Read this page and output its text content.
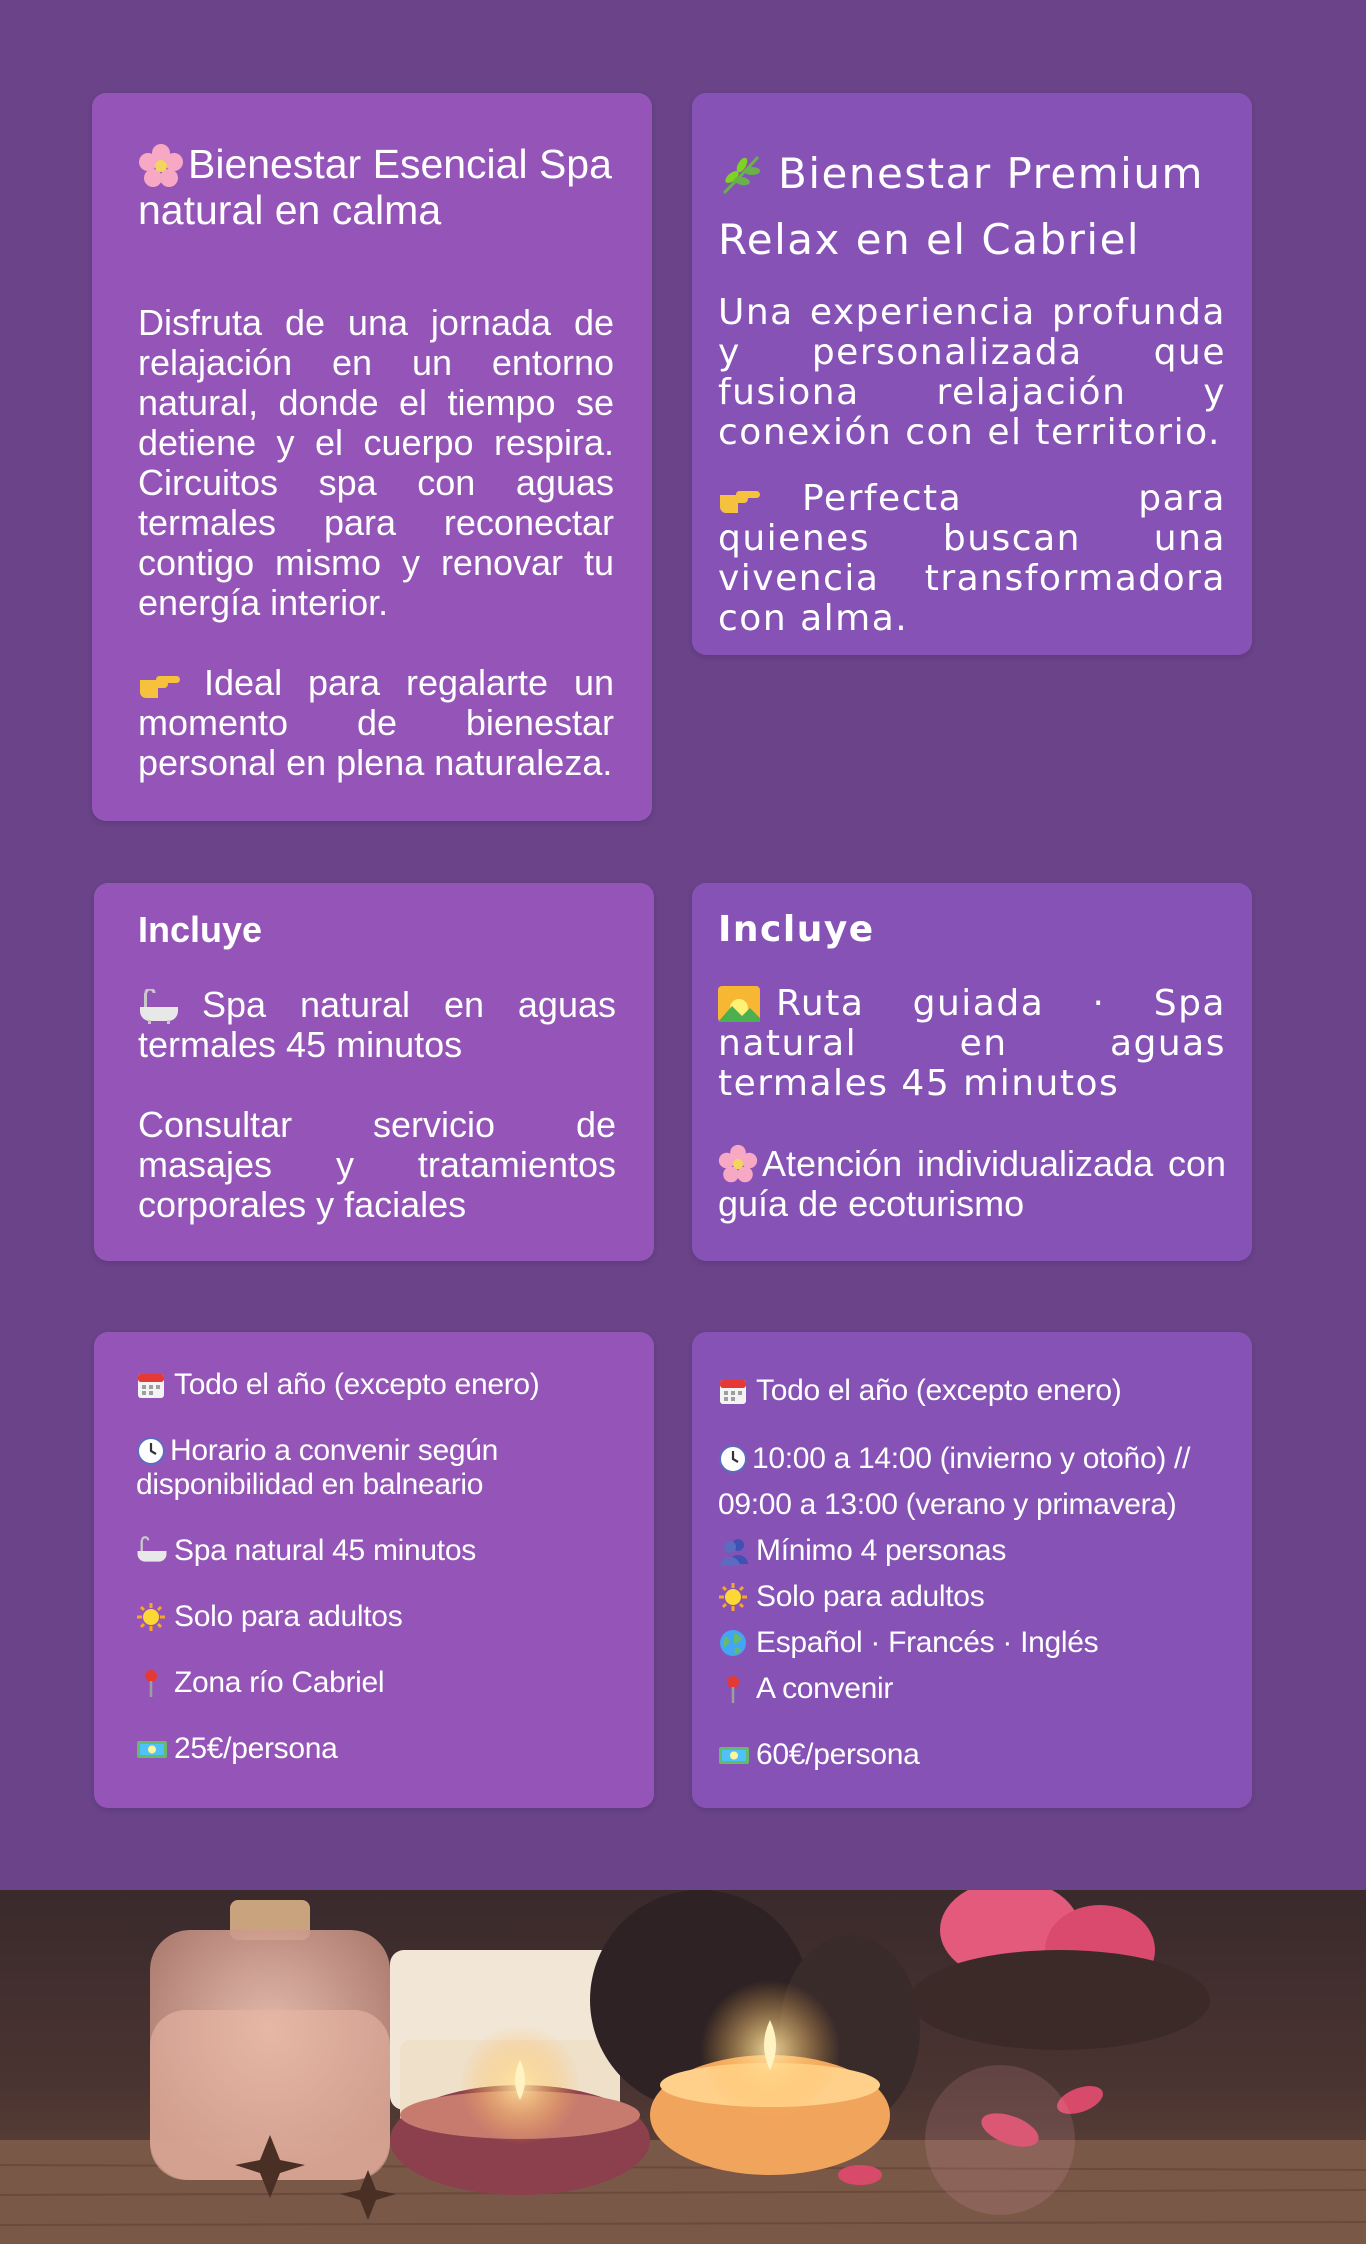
Bienestar Esencial Spa natural en calma

Disfruta de una jornada de relajación en un entorno natural, donde el tiempo se detiene y el cuerpo respira. Circuitos spa con aguas termales para reconectar contigo mismo y renovar tu energía interior.

Ideal para regalarte un momento de bienestar personal en plena naturaleza.

Bienestar Premium Relax en el Cabriel

Una experiencia profunda y personalizada que fusiona relajación y conexión con el territorio.

Perfecta para quienes buscan una vivencia transformadora con alma.

Incluye

Spa natural en aguas termales 45 minutos

Consultar servicio de masajes y tratamientos corporales y faciales

Incluye

Ruta guiada · Spa natural en aguas termales 45 minutos

Atención individualizada con guía de ecoturismo

Todo el año (excepto enero)
Horario a convenir según disponibilidad en balneario
Spa natural 45 minutos
Solo para adultos
Zona río Cabriel
25€/persona
Todo el año (excepto enero)
10:00 a 14:00 (invierno y otoño) // 09:00 a 13:00 (verano y primavera)
Mínimo 4 personas
Solo para adultos
Español · Francés · Inglés
A convenir
60€/persona
